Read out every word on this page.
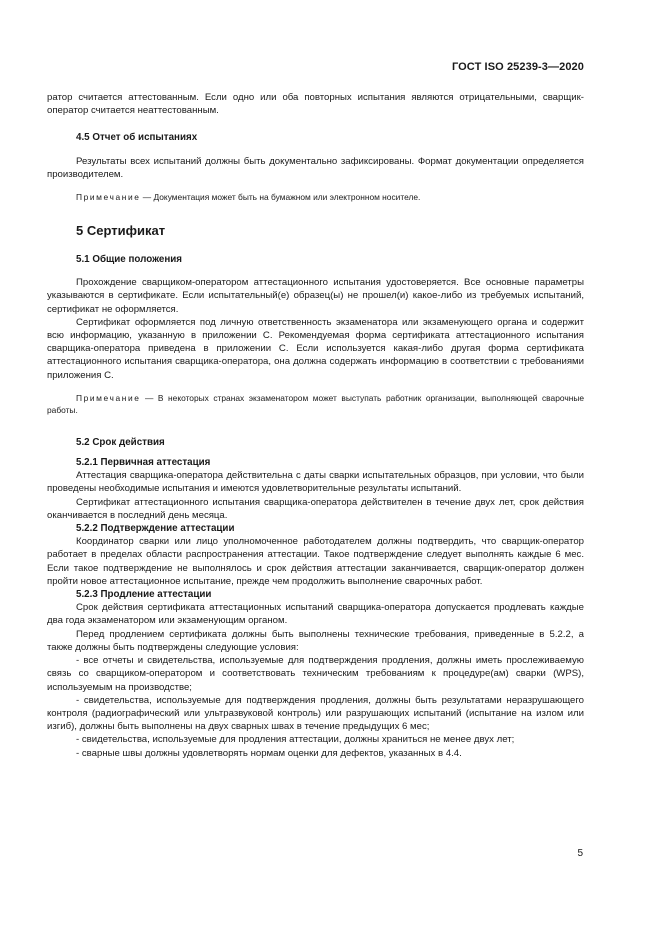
ГОСТ ISO 25239-3—2020

ратор считается аттестованным. Если одно или оба повторных испытания являются отрицательными, сварщик-оператор считается неаттестованным.

4.5 Отчет об испытаниях

Результаты всех испытаний должны быть документально зафиксированы. Формат документации определяется производителем.

Примечание — Документация может быть на бумажном или электронном носителе.

5 Сертификат

5.1 Общие положения

Прохождение сварщиком-оператором аттестационного испытания удостоверяется. Все основные параметры указываются в сертификате. Если испытательный(е) образец(ы) не прошел(и) какое-либо из требуемых испытаний, сертификат не оформляется.

Сертификат оформляется под личную ответственность экзаменатора или экзаменующего органа и содержит всю информацию, указанную в приложении С. Рекомендуемая форма сертификата аттестационного испытания сварщика-оператора приведена в приложении С. Если используется какая-либо другая форма сертификата аттестационного испытания сварщика-оператора, она должна содержать информацию в соответствии с требованиями приложения С.

Примечание — В некоторых странах экзаменатором может выступать работник организации, выполняющей сварочные работы.

5.2 Срок действия

5.2.1 Первичная аттестация

Аттестация сварщика-оператора действительна с даты сварки испытательных образцов, при условии, что были проведены необходимые испытания и имеются удовлетворительные результаты испытаний.

Сертификат аттестационного испытания сварщика-оператора действителен в течение двух лет, срок действия оканчивается в последний день месяца.

5.2.2 Подтверждение аттестации

Координатор сварки или лицо уполномоченное работодателем должны подтвердить, что сварщик-оператор работает в пределах области распространения аттестации. Такое подтверждение следует выполнять каждые 6 мес. Если такое подтверждение не выполнялось и срок действия аттестации заканчивается, сварщик-оператор должен пройти новое аттестационное испытание, прежде чем продолжить выполнение сварочных работ.

5.2.3 Продление аттестации

Срок действия сертификата аттестационных испытаний сварщика-оператора допускается продлевать каждые два года экзаменатором или экзаменующим органом.

Перед продлением сертификата должны быть выполнены технические требования, приведенные в 5.2.2, а также должны быть подтверждены следующие условия:

- все отчеты и свидетельства, используемые для подтверждения продления, должны иметь прослеживаемую связь со сварщиком-оператором и соответствовать техническим требованиям к процедуре(ам) сварки (WPS), используемым на производстве;

- свидетельства, используемые для подтверждения продления, должны быть результатами неразрушающего контроля (радиографический или ультразвуковой контроль) или разрушающих испытаний (испытание на излом или изгиб), должны быть выполнены на двух сварных швах в течение предыдущих 6 мес;

- свидетельства, используемые для продления аттестации, должны храниться не менее двух лет;

- сварные швы должны удовлетворять нормам оценки для дефектов, указанных в 4.4.

5
